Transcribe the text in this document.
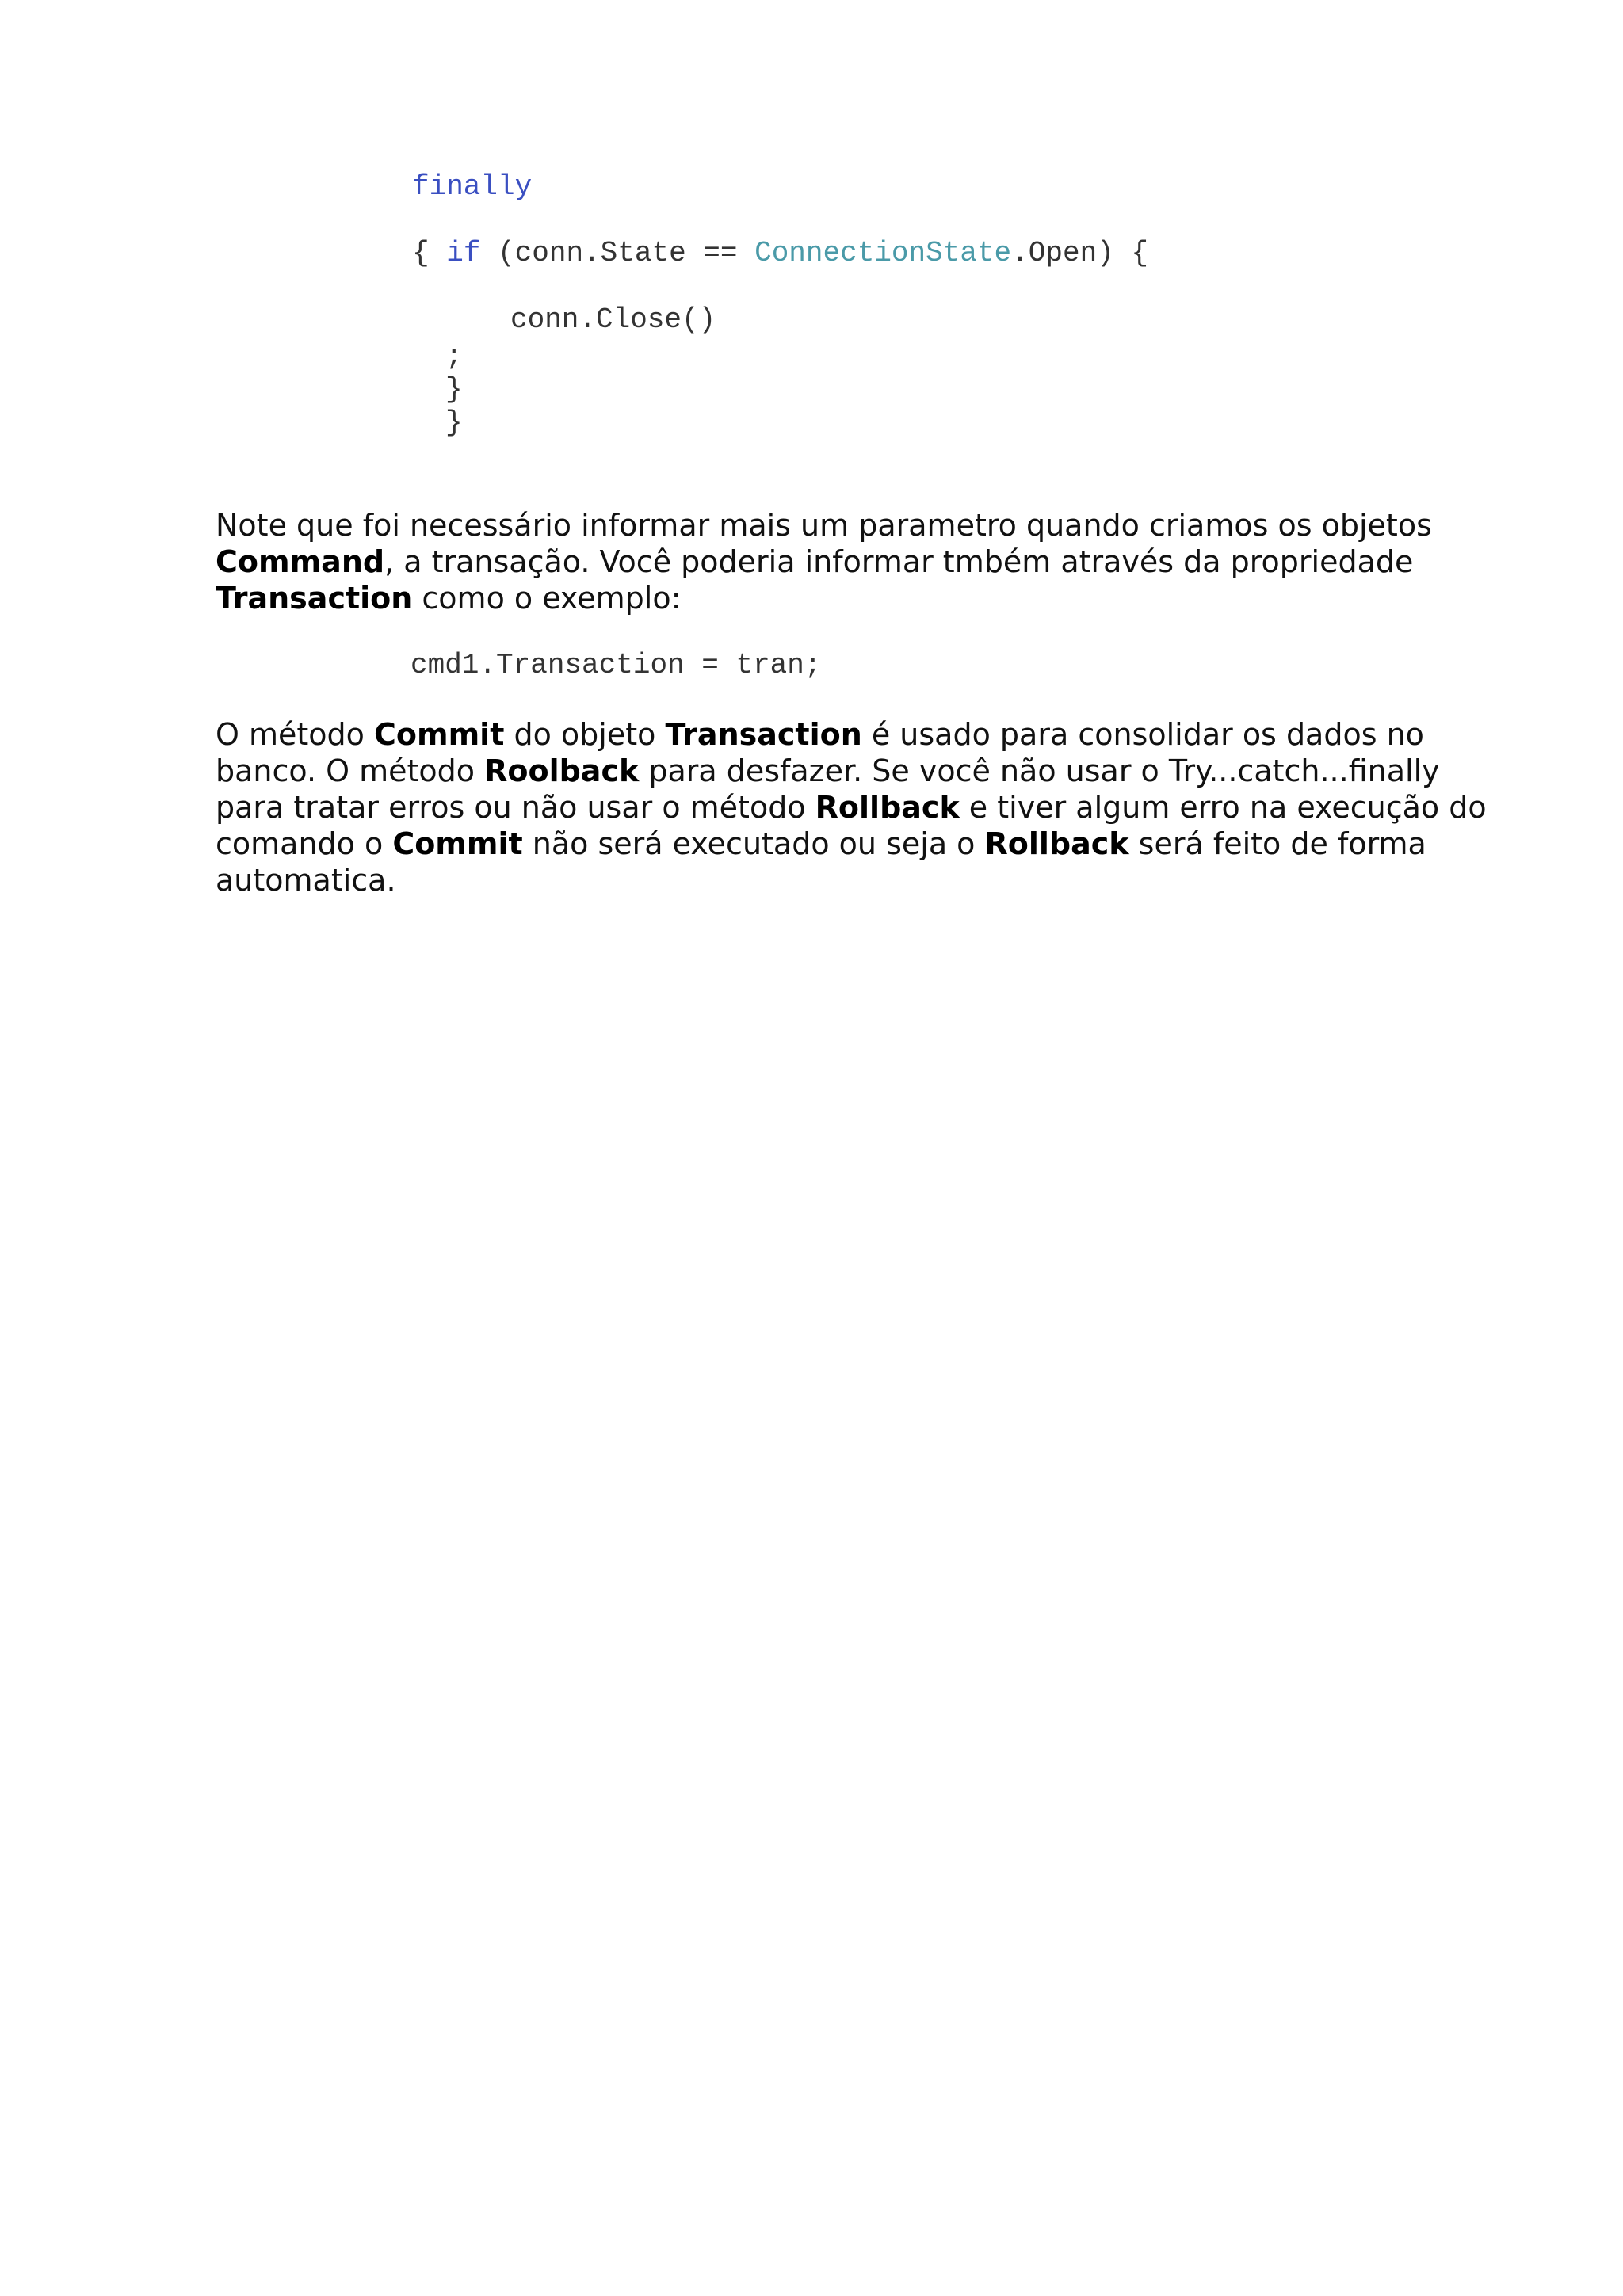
finally
{ if (conn.State == ConnectionState.Open) {
conn.Close()
;
}
}

Note que foi necessário informar mais um parametro quando criamos os objetos Command, a transação. Você poderia informar tmbém através da propriedade Transaction como o exemplo:

cmd1.Transaction = tran;

O método Commit do objeto Transaction é usado para consolidar os dados no banco. O método Roolback para desfazer. Se você não usar o Try...catch...finally para tratar erros ou não usar o método Rollback e tiver algum erro na execução do comando o Commit não será executado ou seja o Rollback será feito de forma automatica.
